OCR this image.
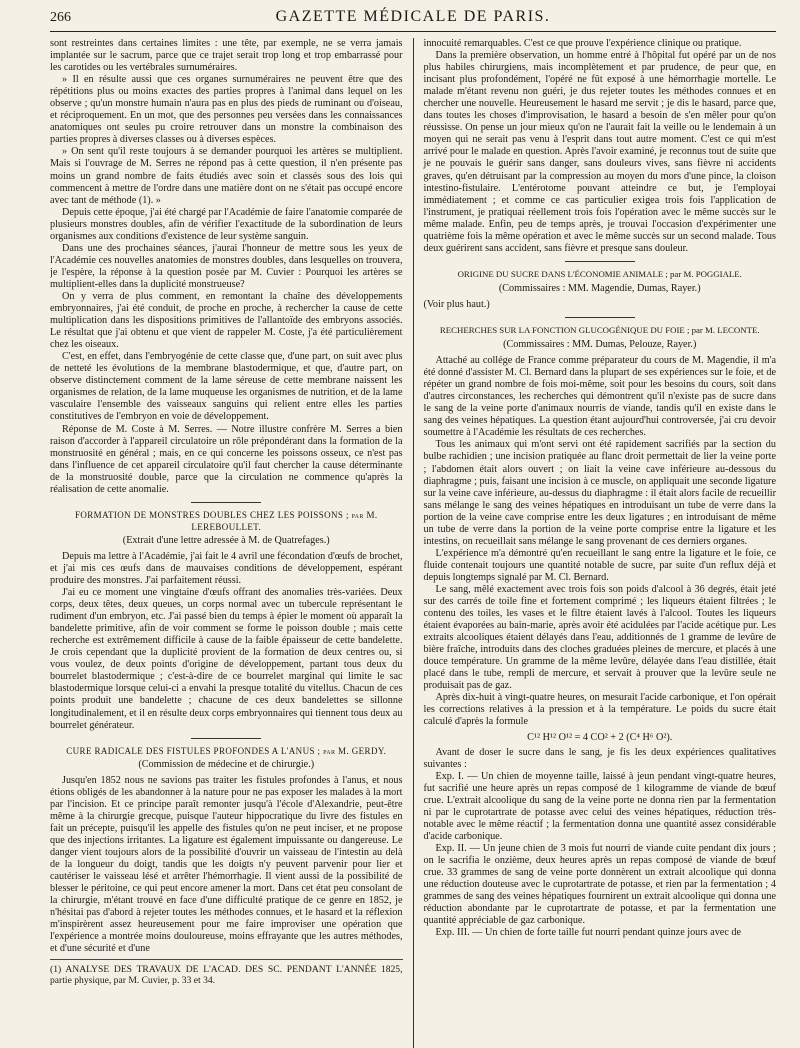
266	GAZETTE MÉDICALE DE PARIS.

sont restreintes dans certaines limites : une tête, par exemple, ne se verra jamais implantée sur le sacrum, parce que ce trajet serait trop long et trop embarrassé pour les carotides ou les vertébrales surnuméraires.

» Il en résulte aussi que ces organes surnuméraires ne peuvent être que des répétitions plus ou moins exactes des parties propres à l'animal dans lequel on les observe ; qu'un monstre humain n'aura pas en plus des pieds de ruminant ou d'oiseau, et réciproquement. En un mot, que des personnes peu versées dans les connaissances anatomiques ont seules pu croire retrouver dans un monstre la combinaison des parties propres à diverses classes ou à diverses espèces.

» On sent qu'il reste toujours à se demander pourquoi les artères se multiplient. Mais si l'ouvrage de M. Serres ne répond pas à cette question, il n'en présente pas moins un grand nombre de faits étudiés avec soin et classés sous des lois qui commencent à mettre de l'ordre dans une matière dont on ne s'était pas occupé encore avec tant de méthode (1). »

Depuis cette époque, j'ai été chargé par l'Académie de faire l'anatomie comparée de plusieurs monstres doubles, afin de vérifier l'exactitude de la subordination de leurs organismes aux conditions d'existence de leur système sanguin.

Dans une des prochaines séances, j'aurai l'honneur de mettre sous les yeux de l'Académie ces nouvelles anatomies de monstres doubles, dans lesquelles on trouvera, je l'espère, la réponse à la question posée par M. Cuvier : Pourquoi les artères se multiplient-elles dans la duplicité monstrueuse?

On y verra de plus comment, en remontant la chaîne des développements embryonnaires, j'ai été conduit, de proche en proche, à rechercher la cause de cette multiplication dans les dispositions primitives de l'allantoïde des embryons associés. Le résultat que j'ai obtenu et que vient de rappeler M. Coste, j'a été particulièrement chez les oiseaux.

C'est, en effet, dans l'embryogénie de cette classe que, d'une part, on suit avec plus de netteté les évolutions de la membrane blastodermique, et que, d'autre part, on observe distinctement comment de la lame séreuse de cette membrane naissent les organismes de relation, de la lame muqueuse les organismes de nutrition, et de la lame vasculaire l'ensemble des vaisseaux sanguins qui relient entre elles les parties constitutives de l'embryon en voie de développement.

Réponse de M. Coste à M. Serres. — Notre illustre confrère M. Serres a bien raison d'accorder à l'appareil circulatoire un rôle prépondérant dans la formation de la monstruosité en général ; mais, en ce qui concerne les poissons osseux, ce n'est pas dans l'influence de cet appareil circulatoire qu'il faut chercher la cause déterminante de la monstruosité double, parce que la circulation ne commence qu'après la réalisation de cette anomalie.

FORMATION DE MONSTRES DOUBLES CHEZ LES POISSONS ; par M. LEREBOULLET.

(Extrait d'une lettre adressée à M. de Quatrefages.)

Depuis ma lettre à l'Académie, j'ai fait le 4 avril une fécondation d'œufs de brochet, et j'ai mis ces œufs dans de mauvaises conditions de développement, espérant produire des monstres. J'ai parfaitement réussi.

J'ai eu ce moment une vingtaine d'œufs offrant des anomalies très-variées. Deux corps, deux têtes, deux queues, un corps normal avec un tubercule représentant le rudiment d'un embryon, etc. J'ai passé bien du temps à épier le moment où apparaît la bandelette primitive, afin de voir comment se forme le poisson double ; mais cette recherche est extrêmement difficile à cause de la faible épaisseur de cette bandelette. Je crois cependant que la duplicité provient de la formation de deux centres ou, si vous voulez, de deux points d'origine de développement, partant tous deux du bourrelet blastodermique ; c'est-à-dire de ce bourrelet marginal qui limite le sac blastodermique lorsque celui-ci a envahi la presque totalité du vitellus. Chacun de ces points produit une bandelette ; chacune de ces deux bandelettes se sillonne longitudinalement, et il en résulte deux corps embryonnaires qui tiennent tous deux au bourrelet générateur.

CURE RADICALE DES FISTULES PROFONDES A L'ANUS ; par M. GERDY.

(Commission de médecine et de chirurgie.)

Jusqu'en 1852 nous ne savions pas traiter les fistules profondes à l'anus, et nous étions obligés de les abandonner à la nature pour ne pas exposer les malades à la mort par l'incision. Et ce principe paraît remonter jusqu'à l'école d'Alexandrie, peut-être même à la chirurgie grecque, puisque l'auteur hippocratique du livre des fistules en fait un précepte, puisqu'il les appelle des fistules qu'on ne peut inciser, et ne propose que des injections irritantes. La ligature est également impuissante ou dangereuse. Le danger vient toujours alors de la possibilité d'ouvrir un vaisseau de l'intestin au delà de la longueur du doigt, tandis que les doigts n'y peuvent parvenir pour lier et cautériser le vaisseau lésé et arrêter l'hémorrhagie. Il vient aussi de la possibilité de blesser le péritoine, ce qui peut encore amener la mort. Dans cet état peu consolant de la chirurgie, m'étant trouvé en face d'une difficulté pratique de ce genre en 1852, je n'hésitai pas d'abord à rejeter toutes les méthodes connues, et le hasard et la réflexion m'inspirèrent assez heureusement pour me faire improviser une opération que l'expérience a montrée moins douloureuse, moins effrayante que les autres méthodes, et d'une sécurité et d'une

(1) ANALYSE DES TRAVAUX DE L'ACAD. DES SC. PENDANT L'ANNÉE 1825, partie physique, par M. Cuvier, p. 33 et 34.

innocuité remarquables. C'est ce que prouve l'expérience clinique ou pratique.

Dans la première observation, un homme entré à l'hôpital fut opéré par un de nos plus habiles chirurgiens, mais incomplètement et par prudence, de peur que, en incisant plus profondément, l'opéré ne fût exposé à une hémorrhagie mortelle. Le malade m'étant revenu non guéri, je dus rejeter toutes les méthodes connues et en chercher une nouvelle. Heureusement le hasard me servit ; je dis le hasard, parce que, dans toutes les choses d'improvisation, le hasard a besoin de s'en mêler pour qu'on réussisse. On pense un jour mieux qu'on ne l'aurait fait la veille ou le lendemain à un moyen qui ne serait pas venu à l'esprit dans tout autre moment. C'est ce qui m'est arrivé pour le malade en question. Après l'avoir examiné, je reconnus tout de suite que je ne pouvais le guérir sans danger, sans douleurs vives, sans fièvre ni accidents graves, qu'en détruisant par la compression au moyen du mors d'une pince, la cloison intestino-fistulaire. L'entérotome pouvant atteindre ce but, je l'employai immédiatement ; et comme ce cas particulier exigea trois fois l'application de l'instrument, je pratiquai réellement trois fois l'opération avec le même succès sur le même malade. Enfin, peu de temps après, je trouvai l'occasion d'expérimenter une quatrième fois la même opération et avec le même succès sur un second malade. Tous deux guérirent sans accident, sans fièvre et presque sans douleur.

ORIGINE DU SUCRE DANS L'ÉCONOMIE ANIMALE ; par M. POGGIALE.

(Commissaires : MM. Magendie, Dumas, Rayer.)

(Voir plus haut.)

RECHERCHES SUR LA FONCTION GLUCOGÉNIQUE DU FOIE ; par M. LECONTE.

(Commissaires : MM. Dumas, Pelouze, Rayer.)

Attaché au collége de France comme préparateur du cours de M. Magendie, il m'a été donné d'assister M. Cl. Bernard dans la plupart de ses expériences sur le foie, et de répéter un grand nombre de fois moi-même, soit pour les besoins du cours, soit dans d'autres circonstances, les recherches qui démontrent qu'il n'existe pas de sucre dans le sang de la veine porte d'animaux nourris de viande, tandis qu'il en existe dans le sang des veines hépatiques. La question étant aujourd'hui controversée, j'ai cru devoir soumettre à l'Académie les résultats de ces recherches.

Tous les animaux qui m'ont servi ont été rapidement sacrifiés par la section du bulbe rachidien ; une incision pratiquée au flanc droit permettait de lier la veine porte ; l'abdomen était alors ouvert ; on liait la veine cave inférieure au-dessous du diaphragme ; puis, faisant une incision à ce muscle, on appliquait une seconde ligature sur la veine cave inférieure, au-dessus du diaphragme : il était alors facile de recueillir sans mélange le sang des veines hépatiques en introduisant un tube de verre dans la portion de la veine cave comprise entre les deux ligatures ; en introduisant de même un tube de verre dans la portion de la veine porte comprise entre la ligature et les intestins, on recueillait sans mélange le sang provenant de ces derniers organes.

L'expérience m'a démontré qu'en recueillant le sang entre la ligature et le foie, ce fluide contenait toujours une quantité notable de sucre, par suite d'un reflux déjà et depuis longtemps signalé par M. Cl. Bernard.

Le sang, mêlé exactement avec trois fois son poids d'alcool à 36 degrés, était jeté sur des carrés de toile fine et fortement comprimé ; les liqueurs étaient filtrées ; le contenu des toiles, les vases et le filtre étaient lavés à l'alcool. Toutes les liqueurs étaient évaporées au bain-marie, après avoir été acidulées par l'acide acétique pur. Les extraits alcooliques étaient délayés dans l'eau, additionnés de 1 gramme de levûre de bière fraîche, introduits dans des cloches graduées pleines de mercure, et placés à une douce température. Un gramme de la même levûre, délayée dans l'eau distillée, était placé dans le tube, rempli de mercure, et servait à prouver que la levûre seule ne produisait pas de gaz.

Après dix-huit à vingt-quatre heures, on mesurait l'acide carbonique, et l'on opérait les corrections relatives à la pression et à la température. Le poids du sucre était calculé d'après la formule

C¹² H¹² O¹² = 4 CO² + 2 (C⁴ H⁶ O²).

Avant de doser le sucre dans le sang, je fis les deux expériences qualitatives suivantes :

Exp. I. — Un chien de moyenne taille, laissé à jeun pendant vingt-quatre heures, fut sacrifié une heure après un repas composé de 1 kilogramme de viande de bœuf crue. L'extrait alcoolique du sang de la veine porte ne donna rien par la fermentation ni par le cuprotartrate de potasse avec celui des veines hépatiques, réduction très-notable avec le même réactif ; la fermentation donna une quantité assez considérable d'acide carbonique.

Exp. II. — Un jeune chien de 3 mois fut nourri de viande cuite pendant dix jours ; on le sacrifia le onzième, deux heures après un repas composé de viande de bœuf crue. 33 grammes de sang de veine porte donnèrent un extrait alcoolique qui donna une réduction douteuse avec le cuprotartrate de potasse, et rien par la fermentation ; 4 grammes de sang des veines hépatiques fournirent un extrait alcoolique qui donna une réduction abondante par le cuprotartrate de potasse, et par la fermentation une quantité appréciable de gaz carbonique.

Exp. III. — Un chien de forte taille fut nourri pendant quinze jours avec de
